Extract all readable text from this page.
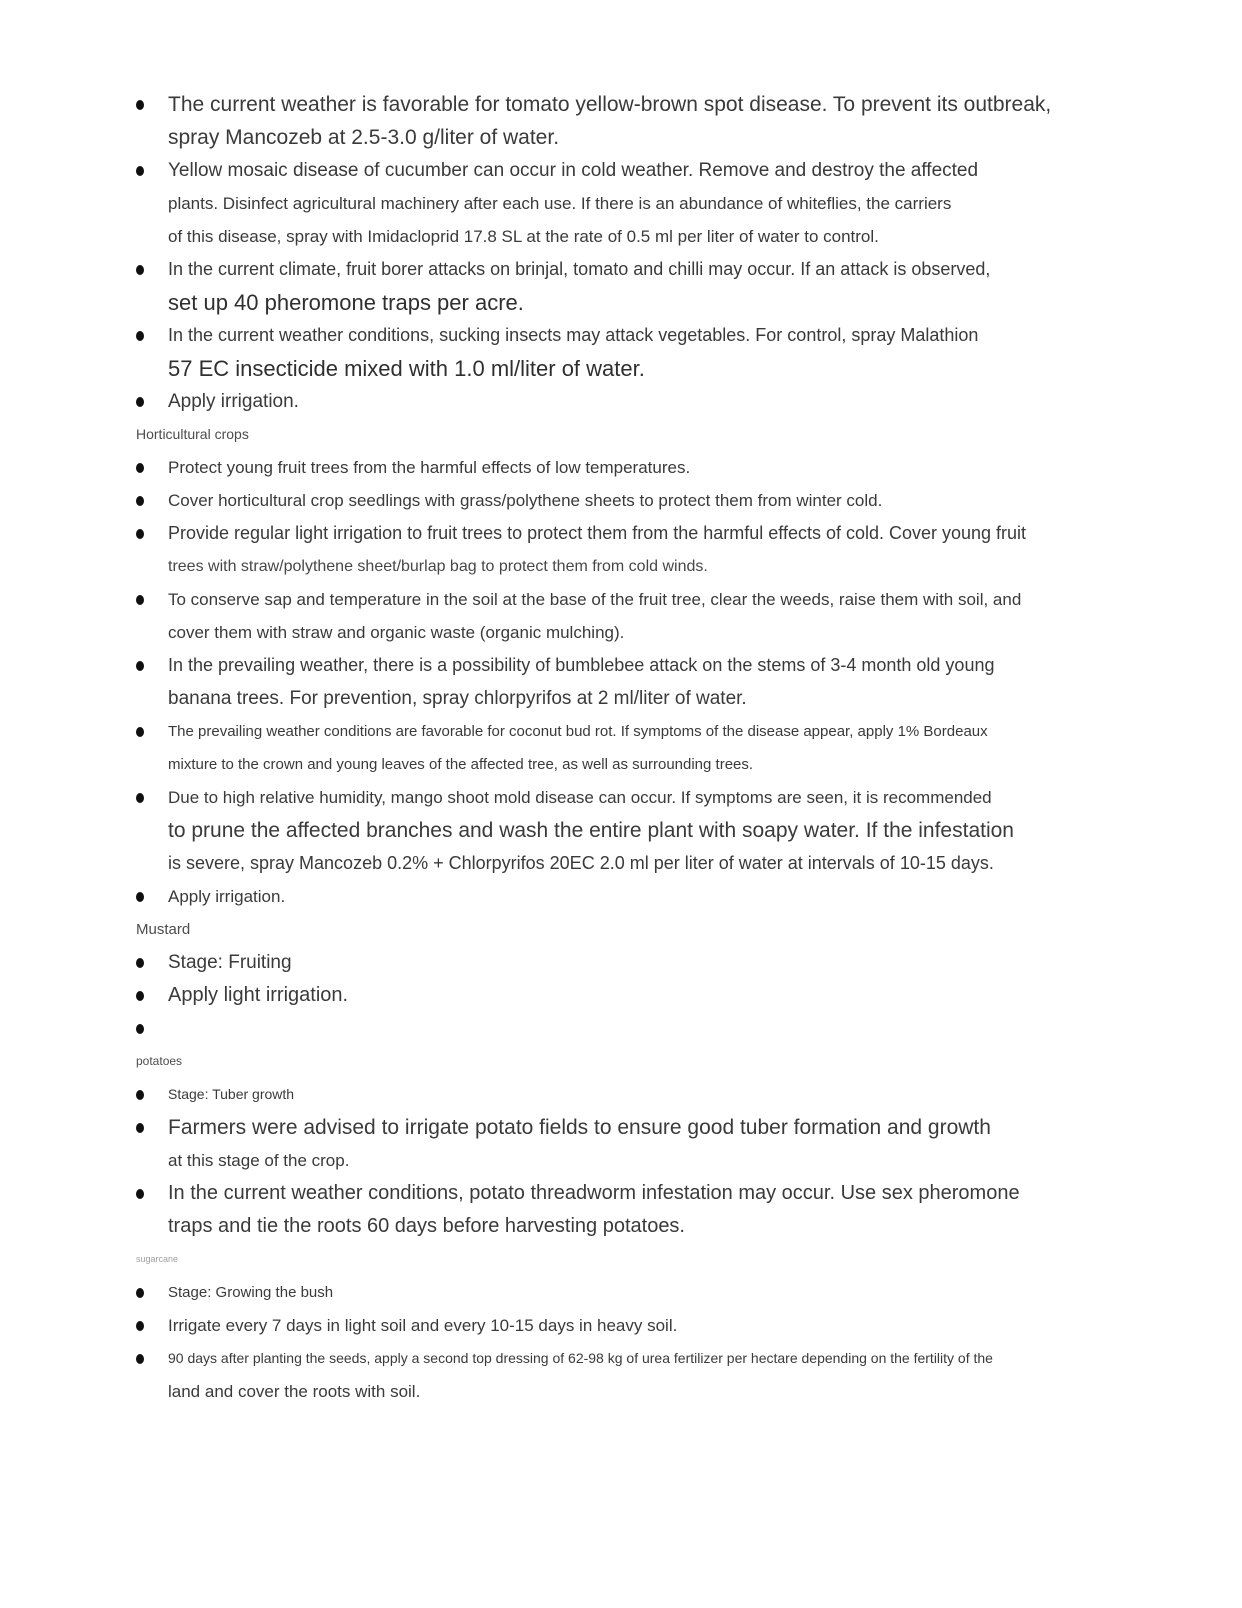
The current weather is favorable for tomato yellow-brown spot disease. To prevent its outbreak,
spray Mancozeb at 2.5-3.0 g/liter of water.
Yellow mosaic disease of cucumber can occur in cold weather. Remove and destroy the affected
plants. Disinfect agricultural machinery after each use. If there is an abundance of whiteflies, the carriers
of this disease, spray with Imidacloprid 17.8 SL at the rate of 0.5 ml per liter of water to control.
In the current climate, fruit borer attacks on brinjal, tomato and chilli may occur. If an attack is observed,
set up 40 pheromone traps per acre.
In the current weather conditions, sucking insects may attack vegetables. For control, spray Malathion
57 EC insecticide mixed with 1.0 ml/liter of water.
Apply irrigation.
Horticultural crops
Protect young fruit trees from the harmful effects of low temperatures.
Cover horticultural crop seedlings with grass/polythene sheets to protect them from winter cold.
Provide regular light irrigation to fruit trees to protect them from the harmful effects of cold. Cover young fruit
trees with straw/polythene sheet/burlap bag to protect them from cold winds.
To conserve sap and temperature in the soil at the base of the fruit tree, clear the weeds, raise them with soil, and
cover them with straw and organic waste (organic mulching).
In the prevailing weather, there is a possibility of bumblebee attack on the stems of 3-4 month old young
banana trees. For prevention, spray chlorpyrifos at 2 ml/liter of water.
The prevailing weather conditions are favorable for coconut bud rot. If symptoms of the disease appear, apply 1% Bordeaux
mixture to the crown and young leaves of the affected tree, as well as surrounding trees.
Due to high relative humidity, mango shoot mold disease can occur. If symptoms are seen, it is recommended
to prune the affected branches and wash the entire plant with soapy water. If the infestation
is severe, spray Mancozeb 0.2% + Chlorpyrifos 20EC 2.0 ml per liter of water at intervals of 10-15 days.
Apply irrigation.
Mustard
Stage: Fruiting
Apply light irrigation.
potatoes
Stage: Tuber growth
Farmers were advised to irrigate potato fields to ensure good tuber formation and growth
at this stage of the crop.
In the current weather conditions, potato threadworm infestation may occur. Use sex pheromone
traps and tie the roots 60 days before harvesting potatoes.
sugarcane
Stage: Growing the bush
Irrigate every 7 days in light soil and every 10-15 days in heavy soil.
90 days after planting the seeds, apply a second top dressing of 62-98 kg of urea fertilizer per hectare depending on the fertility of the
land and cover the roots with soil.
